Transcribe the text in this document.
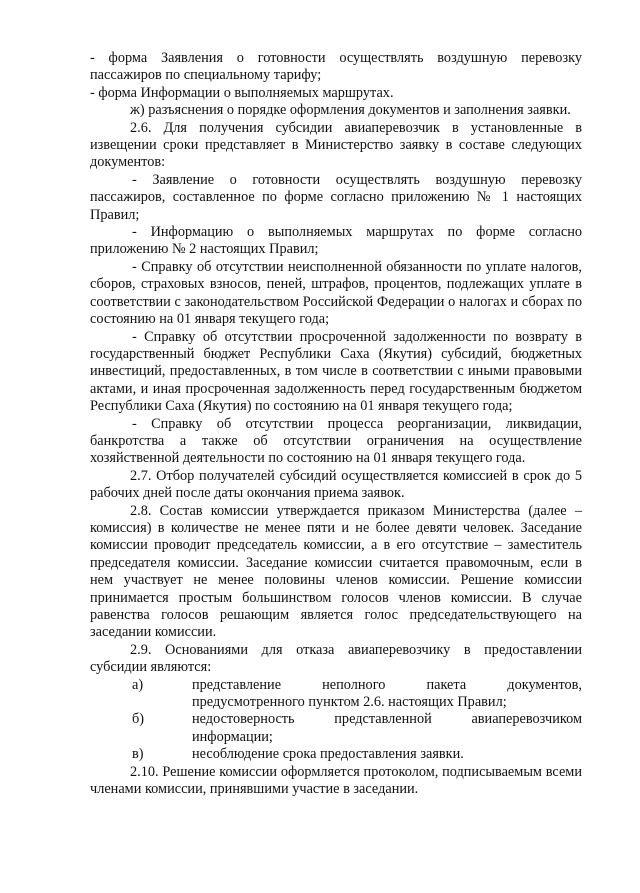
- форма Заявления о готовности осуществлять воздушную перевозку пассажиров по специальному тарифу;

- форма Информации о выполняемых маршрутах.

ж) разъяснения о порядке оформления документов и заполнения заявки.

2.6. Для получения субсидии авиаперевозчик в установленные в извещении сроки представляет в Министерство заявку в составе следующих документов:

- Заявление о готовности осуществлять воздушную перевозку пассажиров, составленное по форме согласно приложению № 1 настоящих Правил;

- Информацию о выполняемых маршрутах по форме согласно приложению № 2 настоящих Правил;

- Справку об отсутствии неисполненной обязанности по уплате налогов, сборов, страховых взносов, пеней, штрафов, процентов, подлежащих уплате в соответствии с законодательством Российской Федерации о налогах и сборах по состоянию на 01 января текущего года;

- Справку об отсутствии просроченной задолженности по возврату в государственный бюджет Республики Саха (Якутия) субсидий, бюджетных инвестиций, предоставленных, в том числе в соответствии с иными правовыми актами, и иная просроченная задолженность перед государственным бюджетом Республики Саха (Якутия) по состоянию на 01 января текущего года;

- Справку об отсутствии процесса реорганизации, ликвидации, банкротства а также об отсутствии ограничения на осуществление хозяйственной деятельности по состоянию на 01 января текущего года.

2.7. Отбор получателей субсидий осуществляется комиссией в срок до 5 рабочих дней после даты окончания приема заявок.

2.8. Состав комиссии утверждается приказом Министерства (далее – комиссия) в количестве не менее пяти и не более девяти человек. Заседание комиссии проводит председатель комиссии, а в его отсутствие – заместитель председателя комиссии. Заседание комиссии считается правомочным, если в нем участвует не менее половины членов комиссии. Решение комиссии принимается простым большинством голосов членов комиссии. В случае равенства голосов решающим является голос председательствующего на заседании комиссии.

2.9. Основаниями для отказа авиаперевозчику в предоставлении субсидии являются:

а)	представление неполного пакета документов, предусмотренного пунктом 2.6. настоящих Правил;
б)	недостоверность представленной авиаперевозчиком информации;
в)	несоблюдение срока предоставления заявки.

2.10. Решение комиссии оформляется протоколом, подписываемым всеми членами комиссии, принявшими участие в заседании.
